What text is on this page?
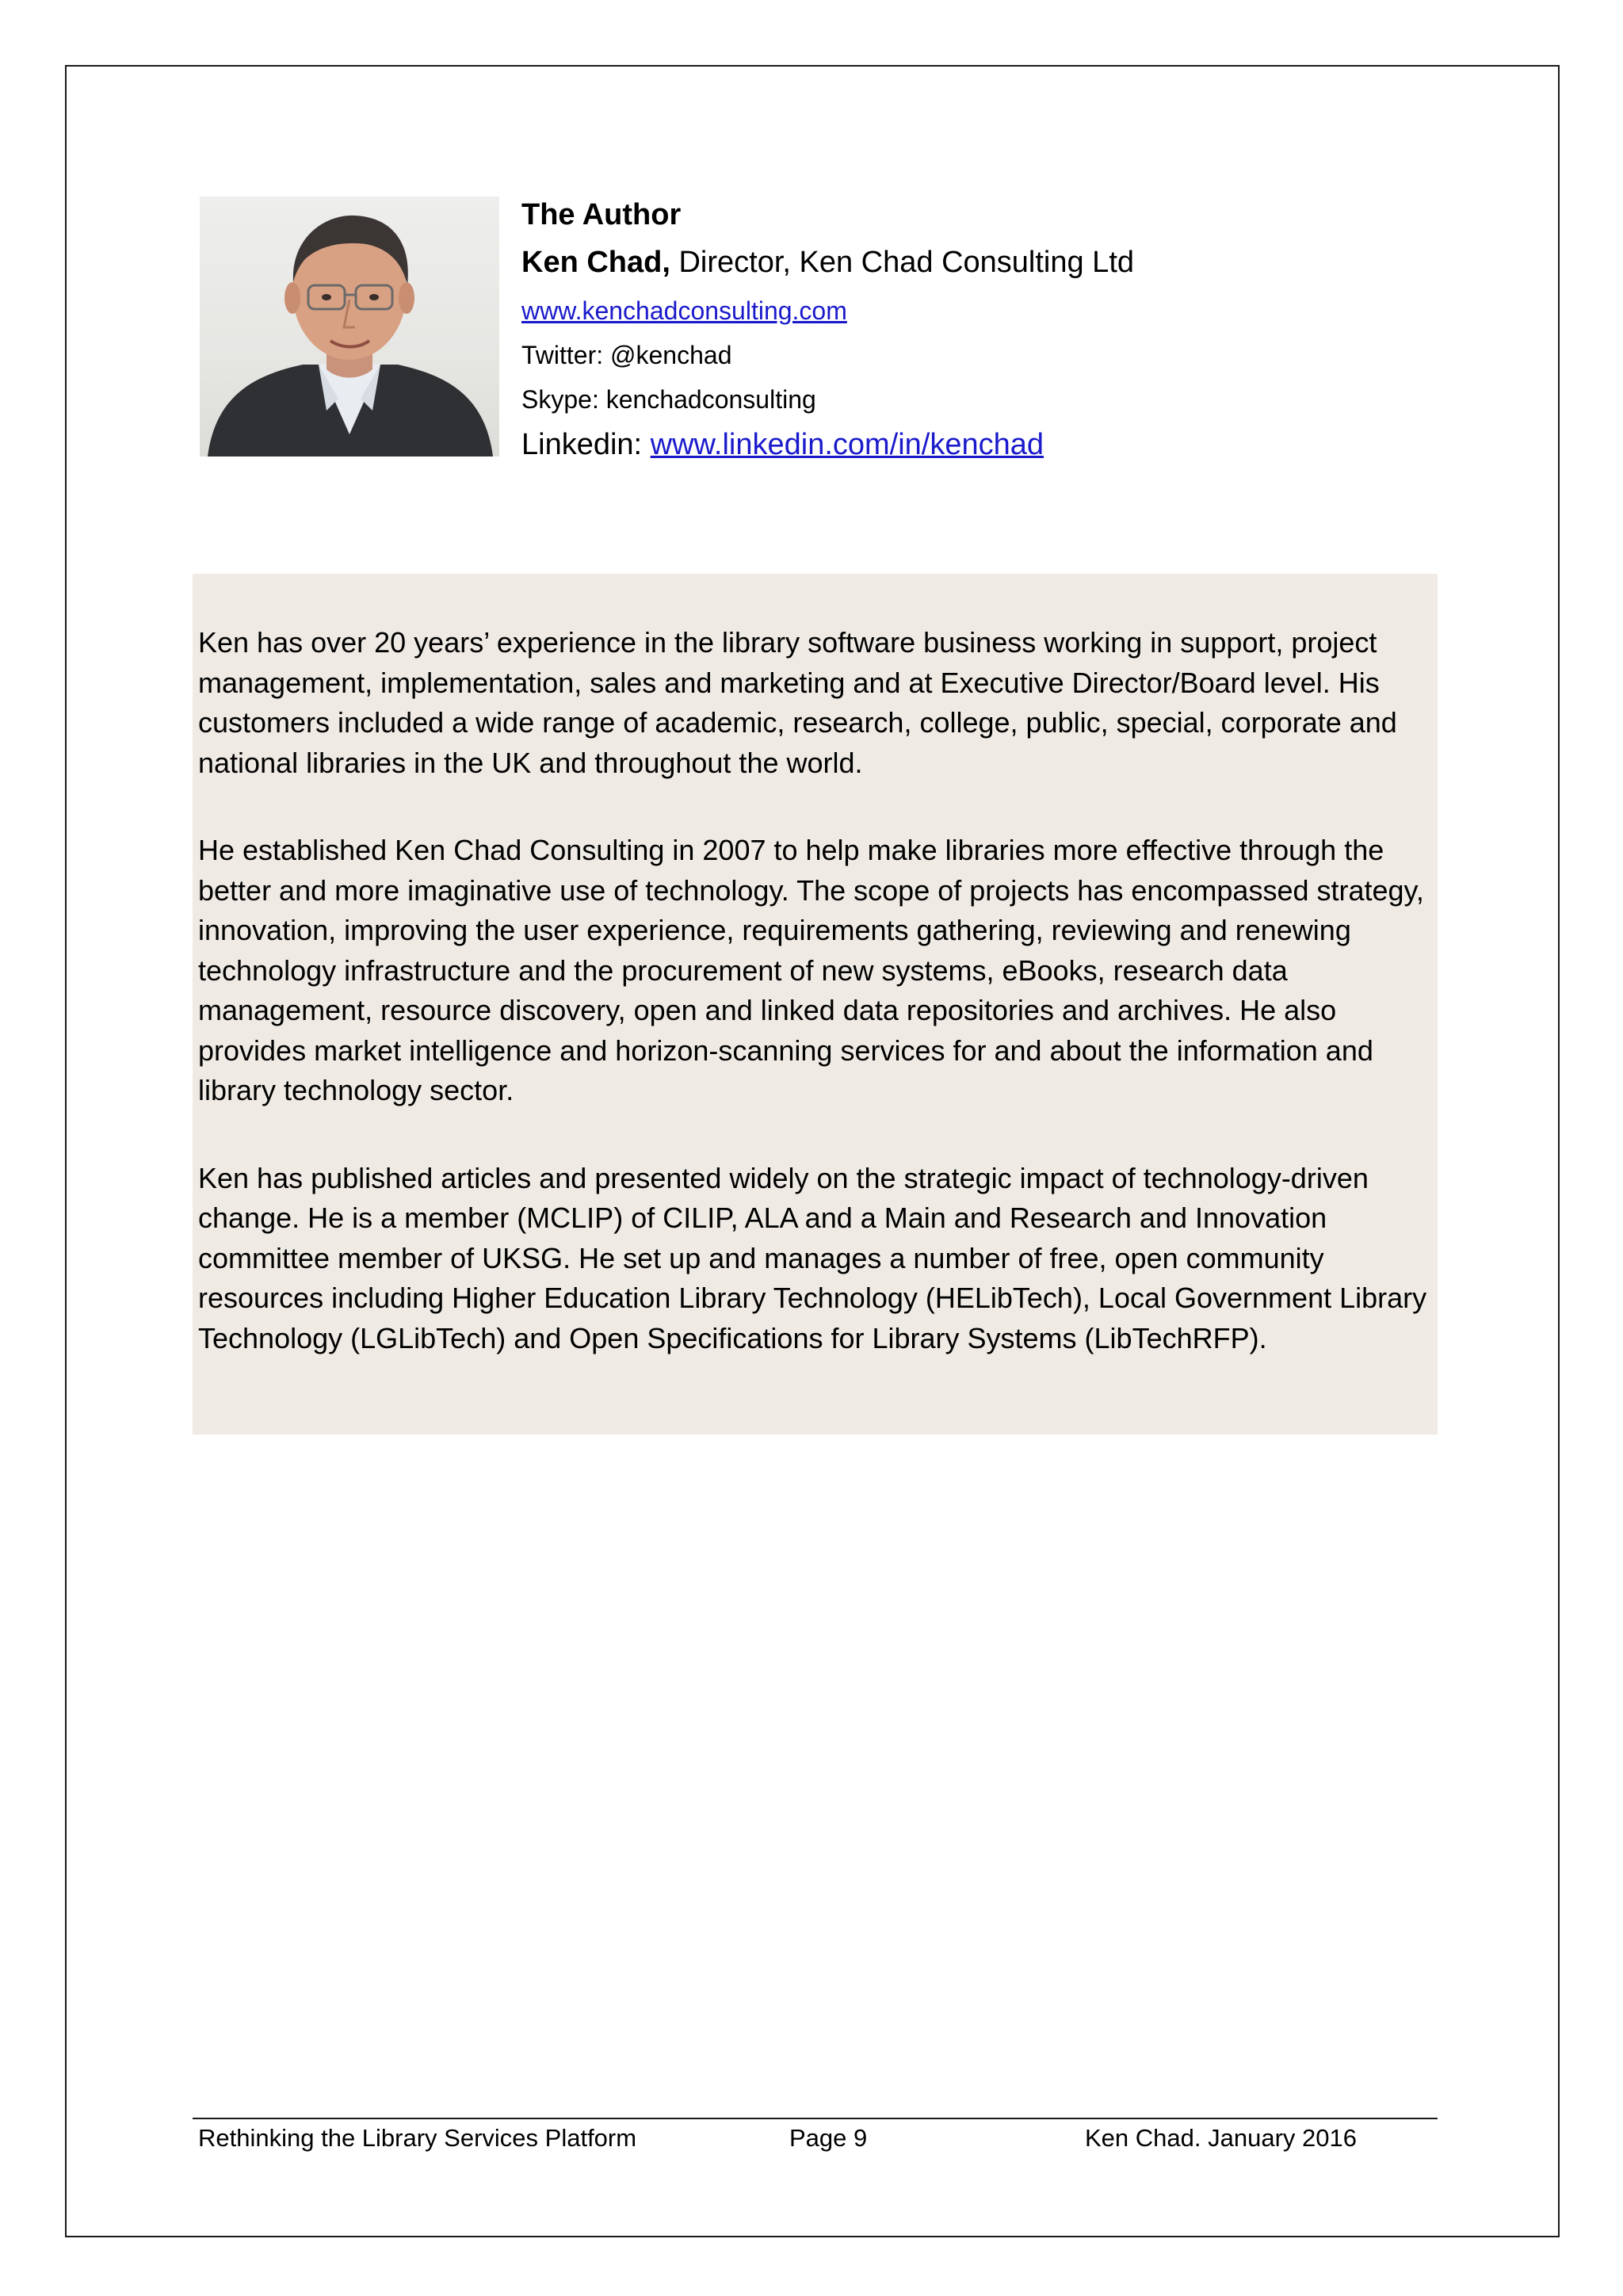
The Author
Ken Chad, Director, Ken Chad Consulting Ltd
www.kenchadconsulting.com
Twitter: @kenchad
Skype: kenchadconsulting
Linkedin: www.linkedin.com/in/kenchad

Ken has over 20 years’ experience in the library software business working in support, project management, implementation, sales and marketing and at Executive Director/Board level. His customers included a wide range of academic, research, college, public, special, corporate and national libraries in the UK and throughout the world.

He established Ken Chad Consulting in 2007 to help make libraries more effective through the better and more imaginative use of technology. The scope of projects has encompassed strategy, innovation, improving the user experience, requirements gathering, reviewing and renewing technology infrastructure and the procurement of new systems, eBooks, research data management, resource discovery, open and linked data repositories and archives. He also provides market intelligence and horizon-scanning services for and about the information and library technology sector.

Ken has published articles and presented widely on the strategic impact of technology-driven change. He is a member (MCLIP) of CILIP, ALA and a Main and Research and Innovation committee member of UKSG. He set up and manages a number of free, open community resources including Higher Education Library Technology (HELibTech), Local Government Library Technology (LGLibTech) and Open Specifications for Library Systems (LibTechRFP).

Rethinking the Library Services Platform	Page 9	Ken Chad. January 2016
